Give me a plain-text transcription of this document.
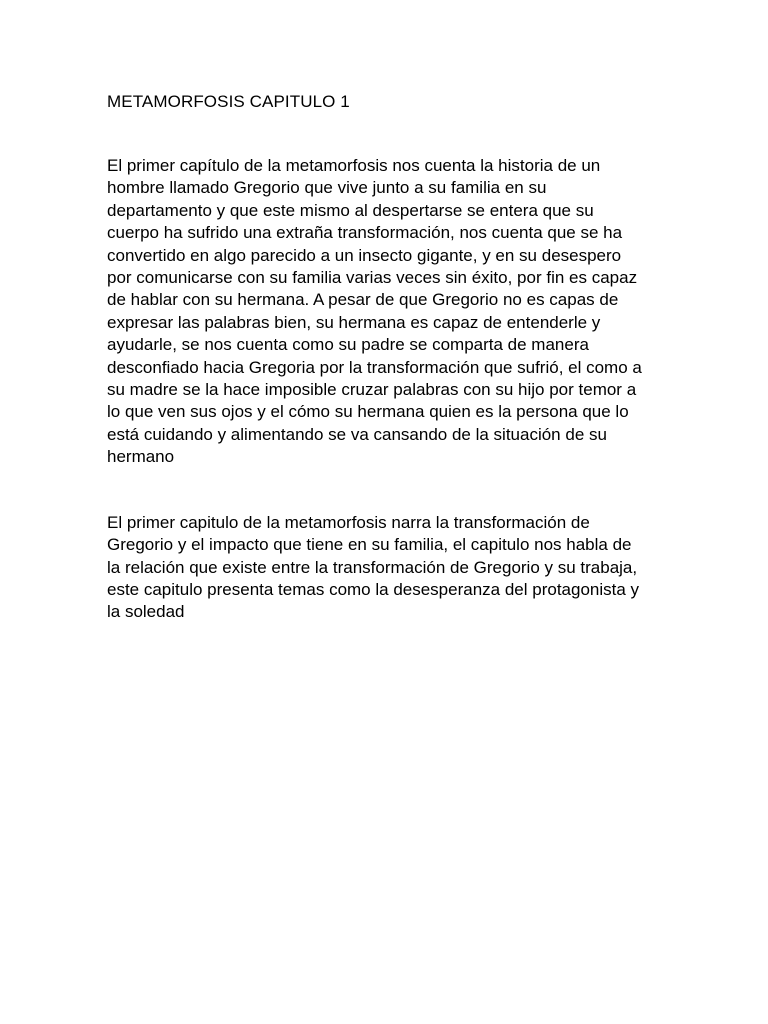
METAMORFOSIS CAPITULO 1

El primer capítulo de la metamorfosis nos cuenta la historia de un
hombre llamado Gregorio que vive junto a su familia en su
departamento y que este mismo al despertarse se entera que su
cuerpo ha sufrido una extraña transformación, nos cuenta que se ha
convertido en algo parecido a un insecto gigante, y en su desespero
por comunicarse con su familia varias veces sin éxito, por fin es capaz
de hablar con su hermana. A pesar de que Gregorio no es capas de
expresar las palabras bien, su hermana es capaz de entenderle y
ayudarle, se nos cuenta como su padre se comparta de manera
desconfiado hacia Gregoria por la transformación que sufrió, el como a
su madre se la hace imposible cruzar palabras con su hijo por temor a
lo que ven sus ojos y el cómo su hermana quien es la persona que lo
está cuidando y alimentando se va cansando de la situación de su
hermano

El primer capitulo de la metamorfosis narra la transformación de
Gregorio y el impacto que tiene en su familia, el capitulo nos habla de
la relación que existe entre la transformación de Gregorio y su trabaja,
este capitulo presenta temas como la desesperanza del protagonista y
la soledad
